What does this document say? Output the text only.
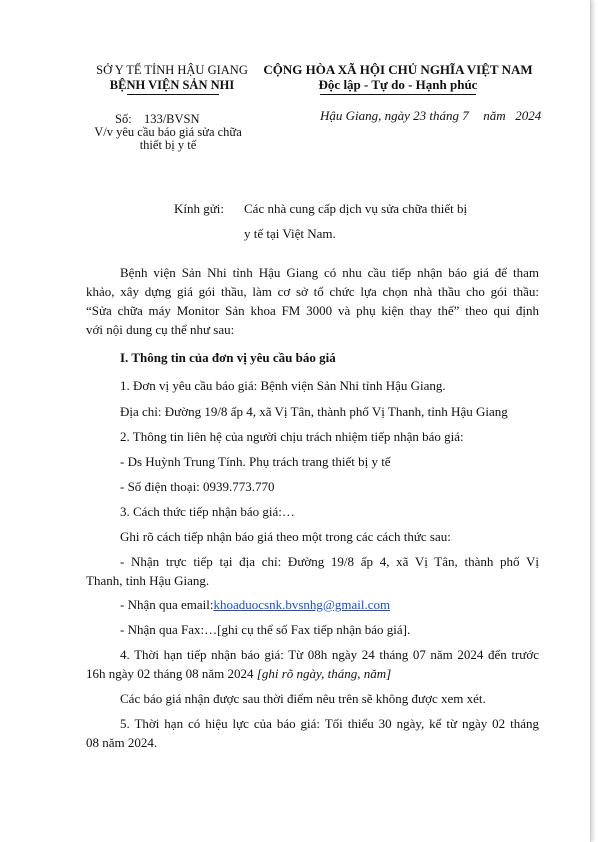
SỞ Y TẾ TỈNH HẬU GIANG
BỆNH VIỆN SẢN NHI
CỘNG HÒA XÃ HỘI CHỦ NGHĨA VIỆT NAM
Độc lập - Tự do - Hạnh phúc
Số: 133/BVSN
V/v yêu cầu báo giá sửa chữa
thiết bị y tế
Hậu Giang, ngày 23 tháng 7 năm 2024
Kính gửi: Các nhà cung cấp dịch vụ sửa chữa thiết bị
y tế tại Việt Nam.
Bệnh viện Sản Nhi tỉnh Hậu Giang có nhu cầu tiếp nhận báo giá để tham
khảo, xây dựng giá gói thầu, làm cơ sở tổ chức lựa chọn nhà thầu cho gói thầu:
“Sửa chữa máy Monitor Sản khoa FM 3000 và phụ kiện thay thế” theo qui định
với nội dung cụ thể như sau:
I. Thông tin của đơn vị yêu cầu báo giá
1. Đơn vị yêu cầu báo giá: Bệnh viện Sản Nhi tỉnh Hậu Giang.
Địa chỉ: Đường 19/8 ấp 4, xã Vị Tân, thành phố Vị Thanh, tỉnh Hậu Giang
2. Thông tin liên hệ của người chịu trách nhiệm tiếp nhận báo giá:
- Ds Huỳnh Trung Tính. Phụ trách trang thiết bị y tế
- Số điện thoại: 0939.773.770
3. Cách thức tiếp nhận báo giá:…
Ghi rõ cách tiếp nhận báo giá theo một trong các cách thức sau:
- Nhận trực tiếp tại địa chỉ: Đường 19/8 ấp 4, xã Vị Tân, thành phố Vị
Thanh, tỉnh Hậu Giang.
- Nhận qua email:khoaduocsnk.bvsnhg@gmail.com
- Nhận qua Fax:…[ghi cụ thể số Fax tiếp nhận báo giá].
4. Thời hạn tiếp nhận báo giá: Từ 08h ngày 24 tháng 07 năm 2024 đến trước
16h ngày 02 tháng 08 năm 2024 [ghi rõ ngày, tháng, năm]
Các báo giá nhận được sau thời điểm nêu trên sẽ không được xem xét.
5. Thời hạn có hiệu lực của báo giá: Tối thiểu 30 ngày, kể từ ngày 02 tháng
08 năm 2024.
